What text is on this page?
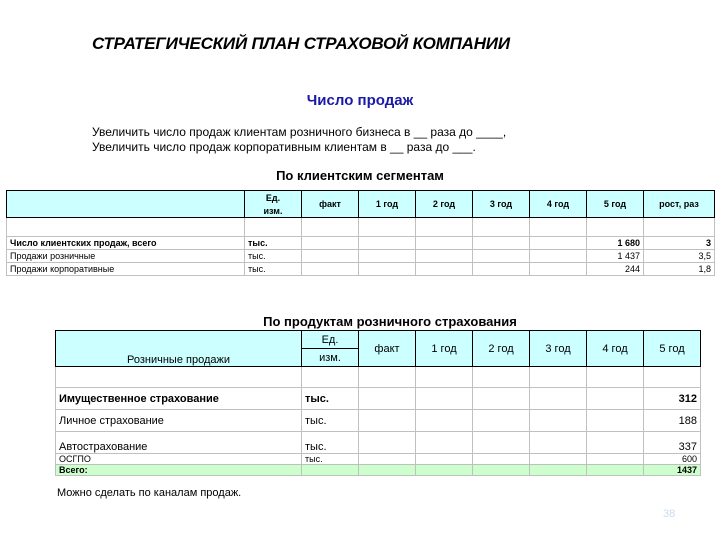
СТРАТЕГИЧЕСКИЙ ПЛАН СТРАХОВОЙ КОМПАНИИ
Число продаж
Увеличить число продаж клиентам розничного бизнеса в __ раза до ____,
Увеличить число продаж корпоративным клиентам в __ раза до ___.
По клиентским сегментам
	Ед.	факт	1 год	2 год	3 год	4 год	5 год	рост, раз
	изм.							

Число клиентских продаж, всего	тыс.						1 680	3
Продажи розничные	тыс.						1 437	3,5
Продажи корпоративные	тыс.						244	1,8
По продуктам розничного страхования
Розничные продажи	Ед.	факт	1 год	2 год	3 год	4 год	5 год
	изм.						

Имущественное страхование	тыс.						312
Личное страхование	тыс.						188
Автострахование	тыс.						337
ОСГПО	тыс.						600
Всего:							1437
Можно сделать по каналам продаж.
38
